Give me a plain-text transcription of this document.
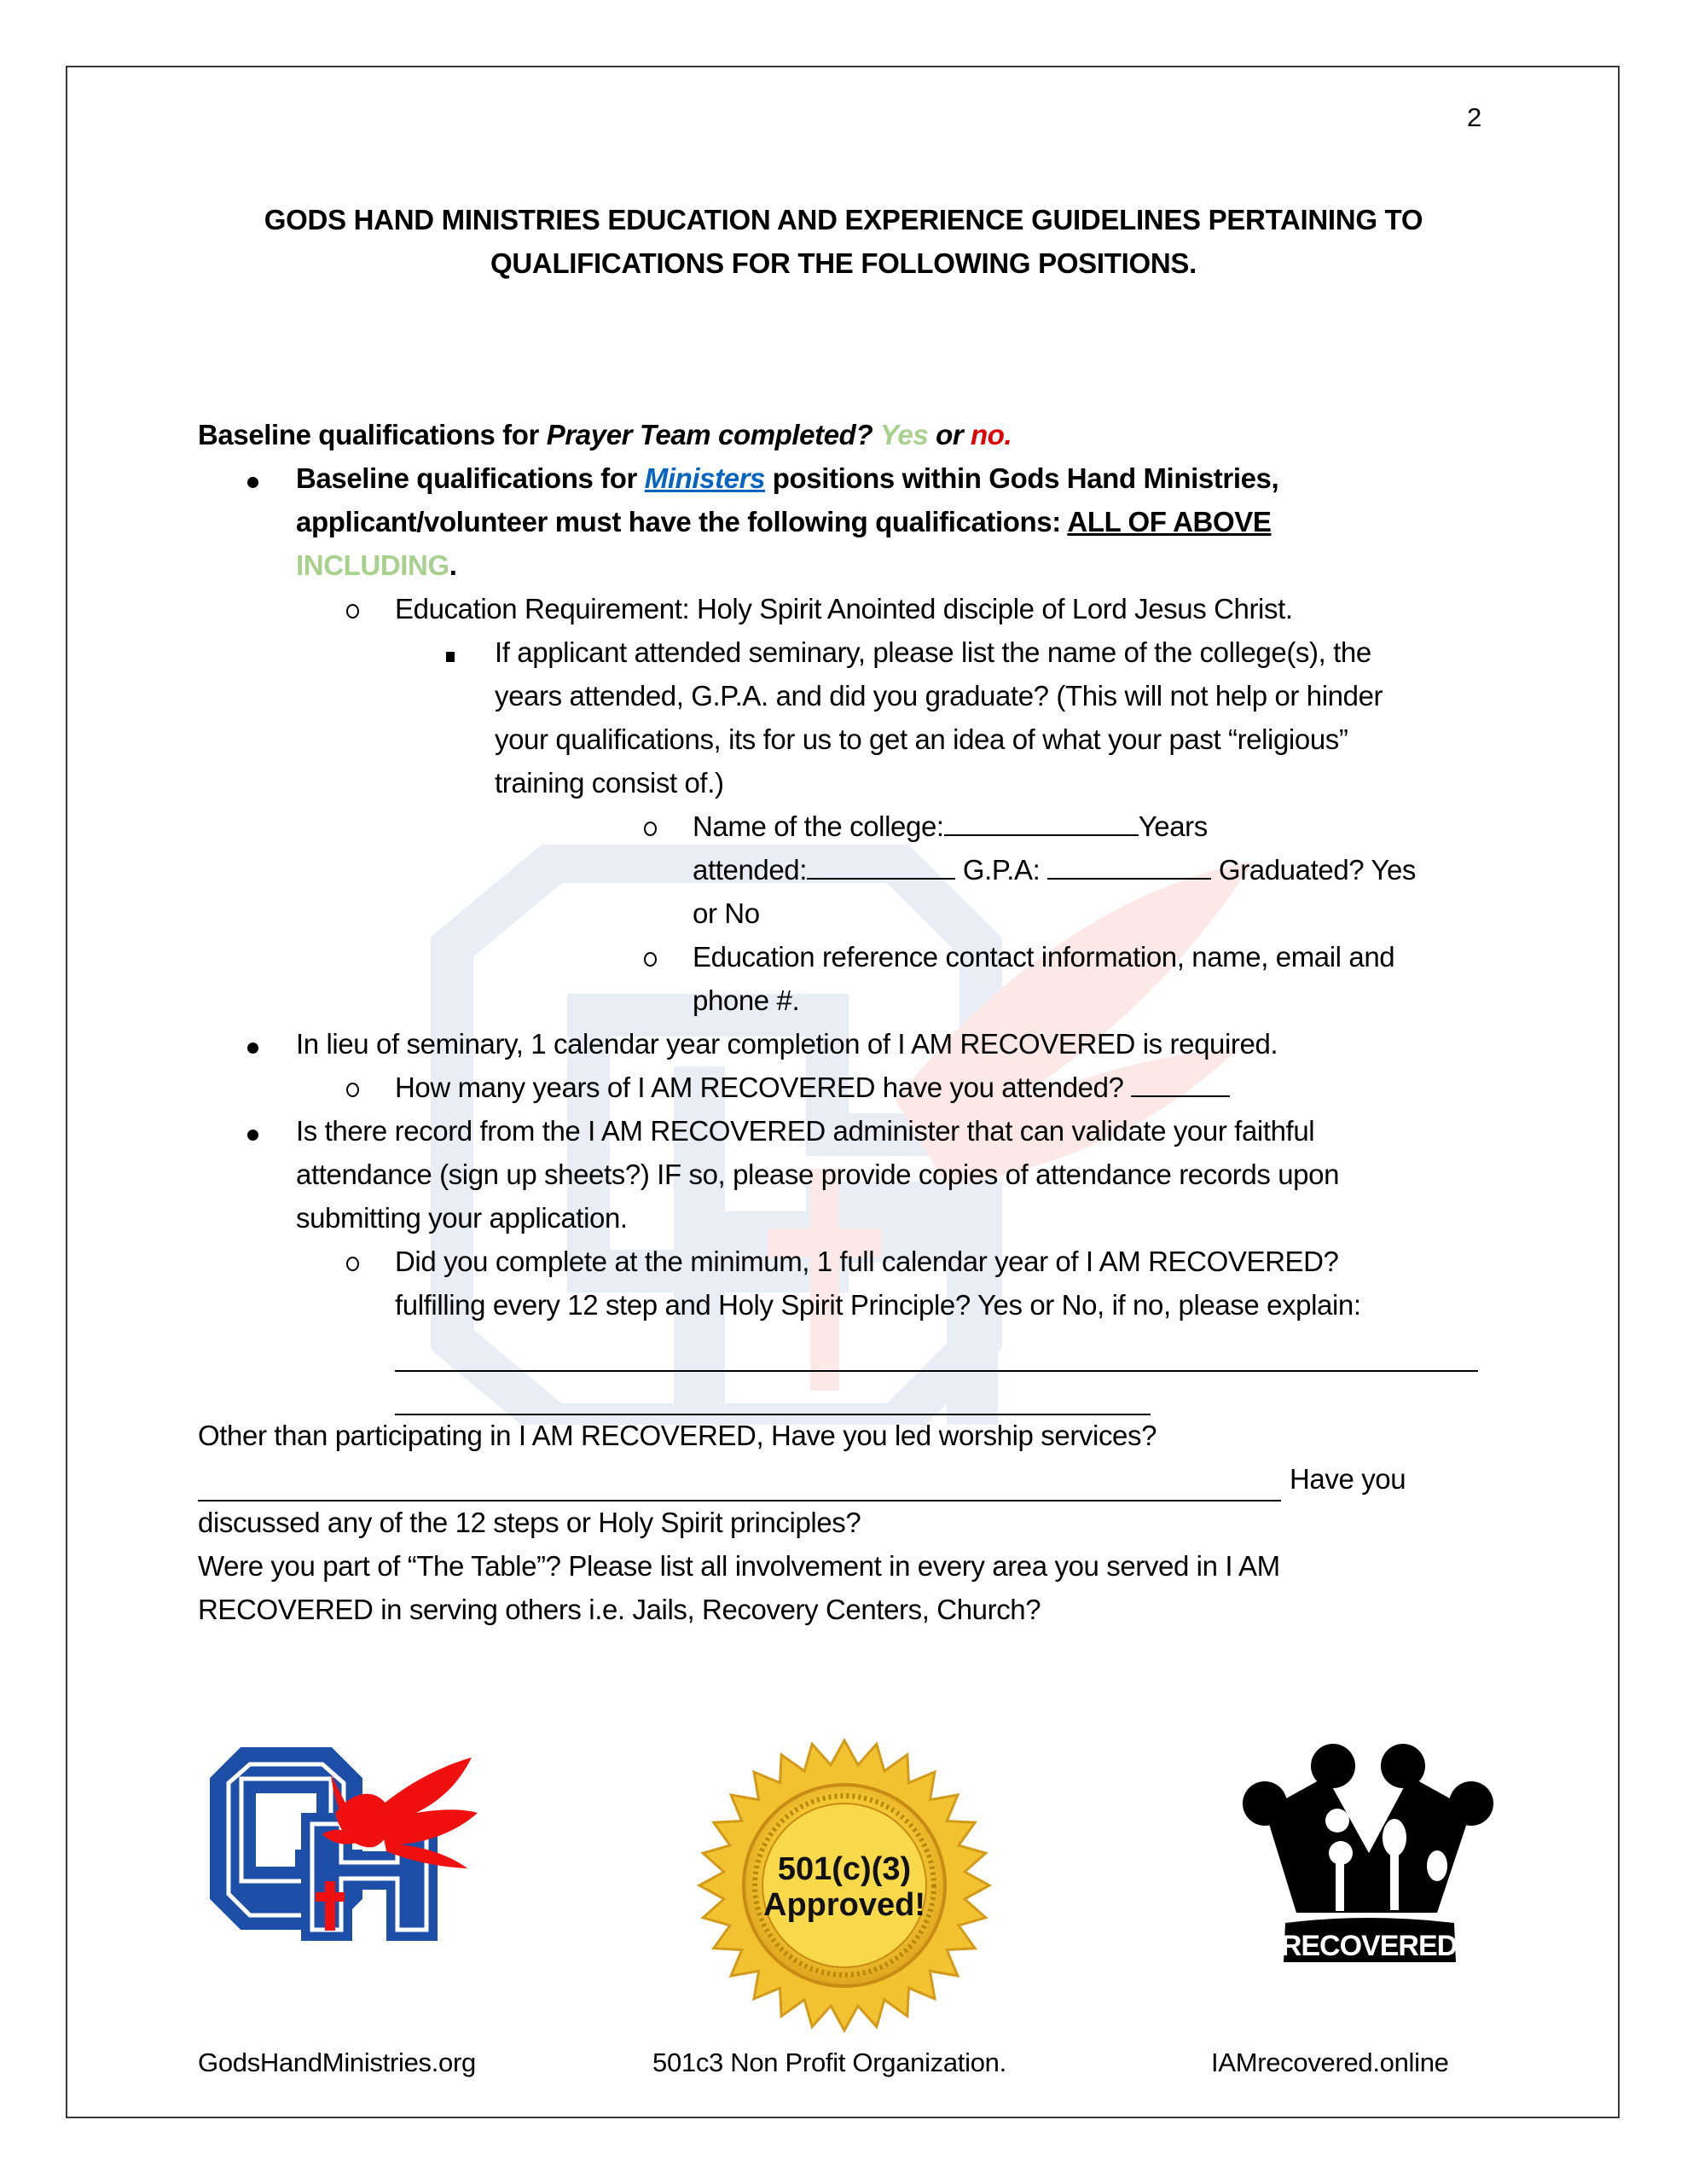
2
GODS HAND MINISTRIES EDUCATION AND EXPERIENCE GUIDELINES PERTAINING TO
QUALIFICATIONS FOR THE FOLLOWING POSITIONS.
Baseline qualifications for Prayer Team completed? Yes or no.
Baseline qualifications for Ministers positions within Gods Hand Ministries,
applicant/volunteer must have the following qualifications: ALL OF ABOVE
INCLUDING.
Education Requirement: Holy Spirit Anointed disciple of Lord Jesus Christ.
If applicant attended seminary, please list the name of the college(s), the
years attended, G.P.A. and did you graduate? (This will not help or hinder
your qualifications, its for us to get an idea of what your past “religious”
training consist of.)
Name of the college:	Years
attended:	G.P.A:	Graduated? Yes
or No
Education reference contact information, name, email and
phone #.
In lieu of seminary, 1 calendar year completion of I AM RECOVERED is required.
How many years of I AM RECOVERED have you attended?
Is there record from the I AM RECOVERED administer that can validate your faithful
attendance (sign up sheets?) IF so, please provide copies of attendance records upon
submitting your application.
Did you complete at the minimum, 1 full calendar year of I AM RECOVERED?
fulfilling every 12 step and Holy Spirit Principle? Yes or No, if no, please explain:
Other than participating in I AM RECOVERED, Have you led worship services?
Have you
discussed any of the 12 steps or Holy Spirit principles?
Were you part of “The Table”? Please list all involvement in every area you served in I AM
RECOVERED in serving others i.e. Jails, Recovery Centers, Church?
501(c)(3)
Approved!
RECOVERED
GodsHandMinistries.org	501c3 Non Profit Organization.	IAMrecovered.online
